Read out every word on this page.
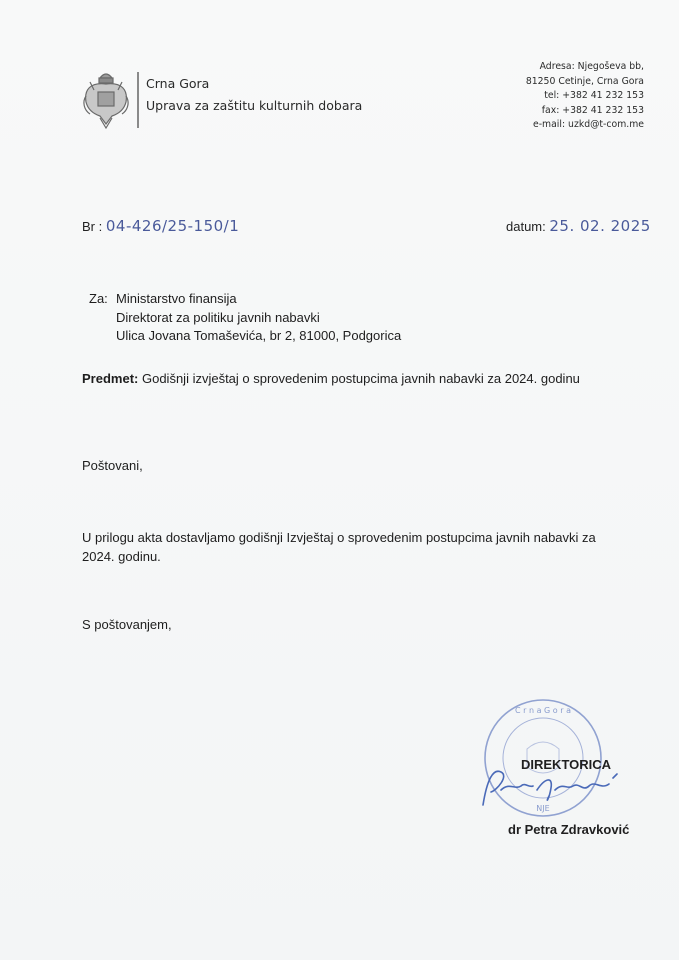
Crna Gora
Uprava za zaštitu kulturnih dobara
Adresa: Njegoševa bb,
81250 Cetinje, Crna Gora
tel: +382 41 232 153
fax: +382 41 232 153
e-mail: uzkd@t-com.me
Br : 04-426/25-150/1	datum: 25. 02. 2025
Za: Ministarstvo finansija
Direktorat za politiku javnih nabavki
Ulica Jovana Tomaševića, br 2, 81000, Podgorica
Predmet: Godišnji izvještaj o sprovedenim postupcima javnih nabavki za 2024. godinu
Poštovani,
U prilogu akta dostavljamo godišnji Izvještaj o sprovedenim postupcima javnih nabavki za 2024. godinu.
S poštovanjem,
C r n a G o r a
NJE
DIREKTORICA
dr Petra Zdravković
